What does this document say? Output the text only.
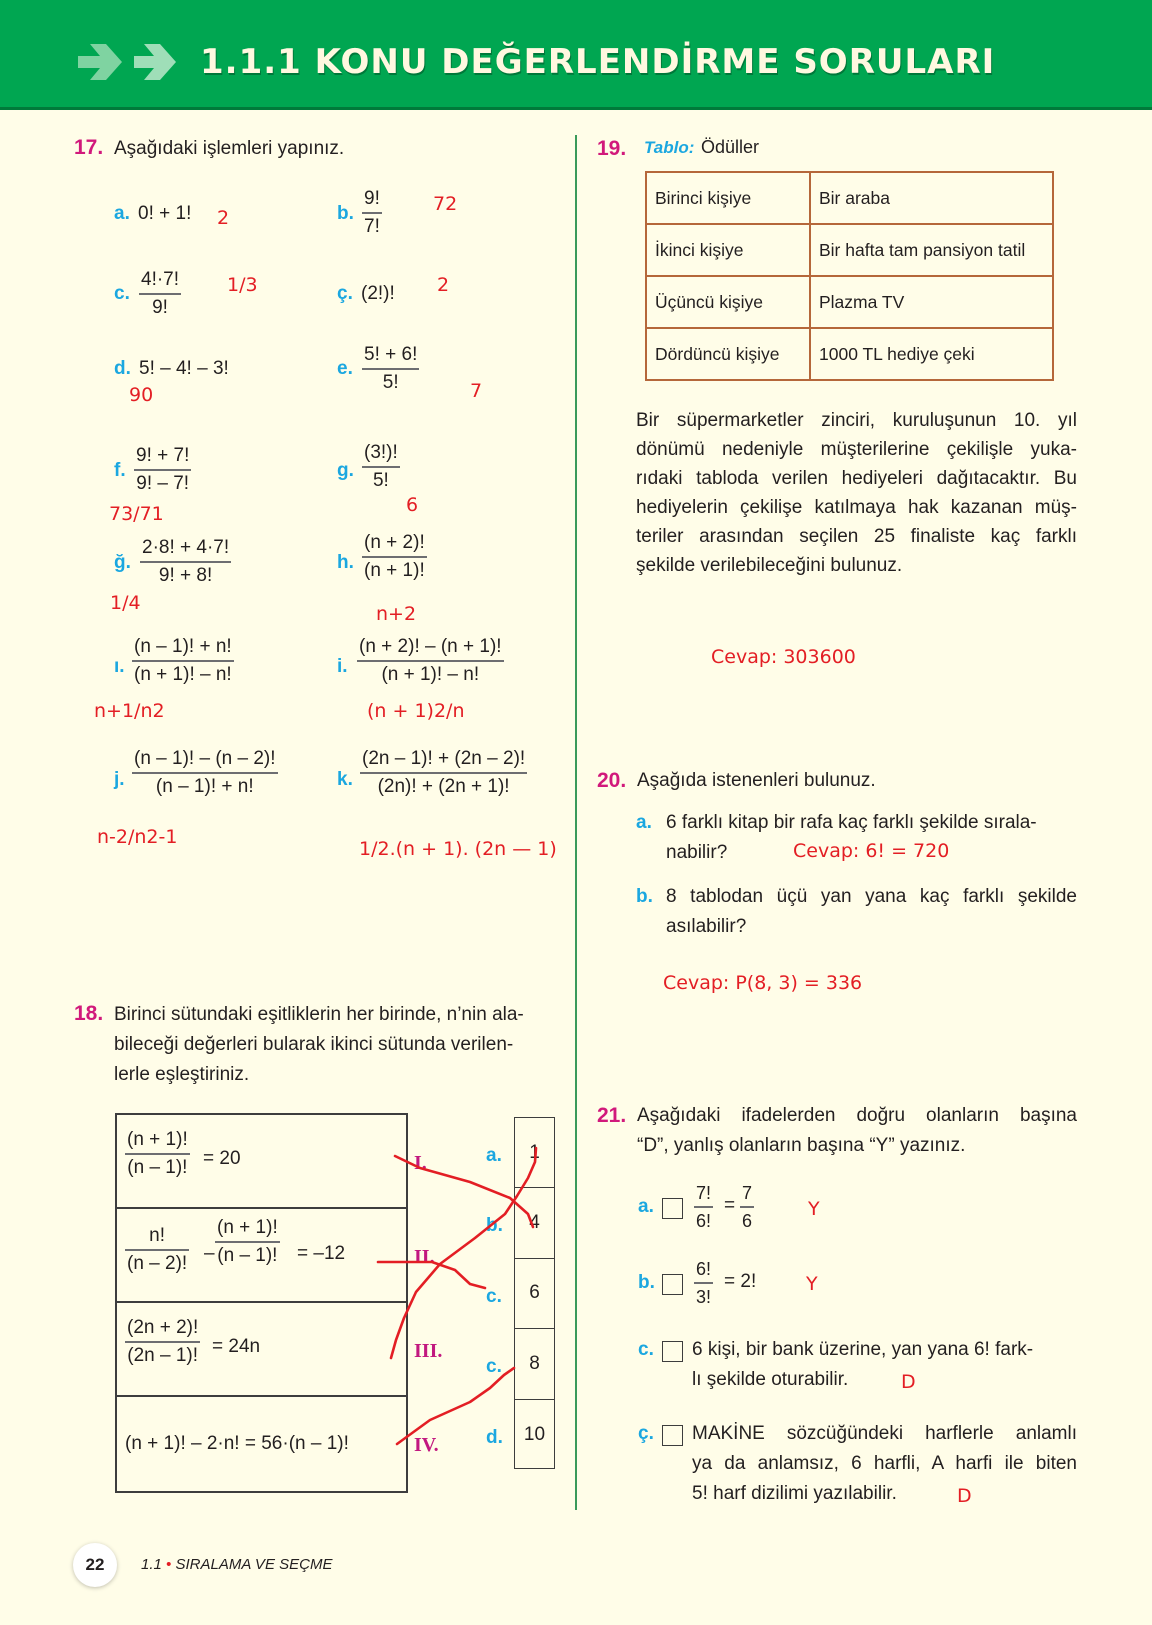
1.1.1 KONU DEĞERLENDİRME SORULARI
17. Aşağıdaki işlemleri yapınız.
a. 0! + 1! 2	b.
9!
7!
72
c.
4!·7!
9!
1/3	ç. (2!)! 2
d. 5! – 4! – 3!
90
e.
5! + 6!
5!	7
f.
9! + 7!
9! – 7!
73/71
g.
(3!)!
5!
6
ğ.
2·8! + 4·7!
9! + 8!
1/4
h.
(n + 2)!
(n + 1)!
n+2
ı.
(n – 1)! + n!
(n + 1)! – n!
n+1/n2
i.
(n + 2)! – (n + 1)!
(n + 1)! – n!
(n + 1)2/n
j.
(n – 1)! – (n – 2)!
(n – 1)! + n!
n-2/n2-1
k.
(2n – 1)! + (2n – 2)!
(2n)! + (2n + 1)!
1/2.(n + 1). (2n — 1)
18. Birinci sütundaki eşitliklerin her birinde, n’nin ala-
bileceği değerleri bularak ikinci sütunda verilen-
lerle eşleştiriniz.
(n + 1)!
(n – 1)! = 20
n!
(n – 2)! –
(n + 1)!
(n – 1)! = –12
(2n + 2)!
(2n – 1)! = 24n
(n + 1)! – 2·n! = 56·(n – 1)!
I.
II.
III.
IV.
a.
b.
c.
c.
d.
1
4
6
8
10
19. Tablo: Ödüller
Birinci kişiye	Bir araba
İkinci kişiye	Bir hafta tam pansiyon tatil
Üçüncü kişiye	Plazma TV
Dördüncü kişiye	1000 TL hediye çeki
Bir süpermarketler zinciri, kuruluşunun 10. yıl
dönümü nedeniyle müşterilerine çekilişle yuka-
rıdaki tabloda verilen hediyeleri dağıtacaktır. Bu
hediyelerin çekilişe katılmaya hak kazanan müş-
teriler arasından seçilen 25 finaliste kaç farklı
şekilde verilebileceğini bulunuz.
Cevap: 303600
20. Aşağıda istenenleri bulunuz.
a. 6 farklı kitap bir rafa kaç farklı şekilde sırala-
nabilir?	Cevap: 6! = 720
b. 8 tablodan üçü yan yana kaç farklı şekilde
asılabilir?
Cevap: P(8, 3) = 336
21. Aşağıdaki ifadelerden doğru olanların başına
“D”, yanlış olanların başına “Y” yazınız.
a.
7!
6!
=
7
6
Y
b.
6!
3!
= 2!	Y
c. 6 kişi, bir bank üzerine, yan yana 6! fark-
lı şekilde oturabilir.	D
ç. MAKİNE sözcüğündeki harflerle anlamlı
ya da anlamsız, 6 harfli, A harfi ile biten
5! harf dizilimi yazılabilir.	D
22	1.1 • SIRALAMA VE SEÇME
